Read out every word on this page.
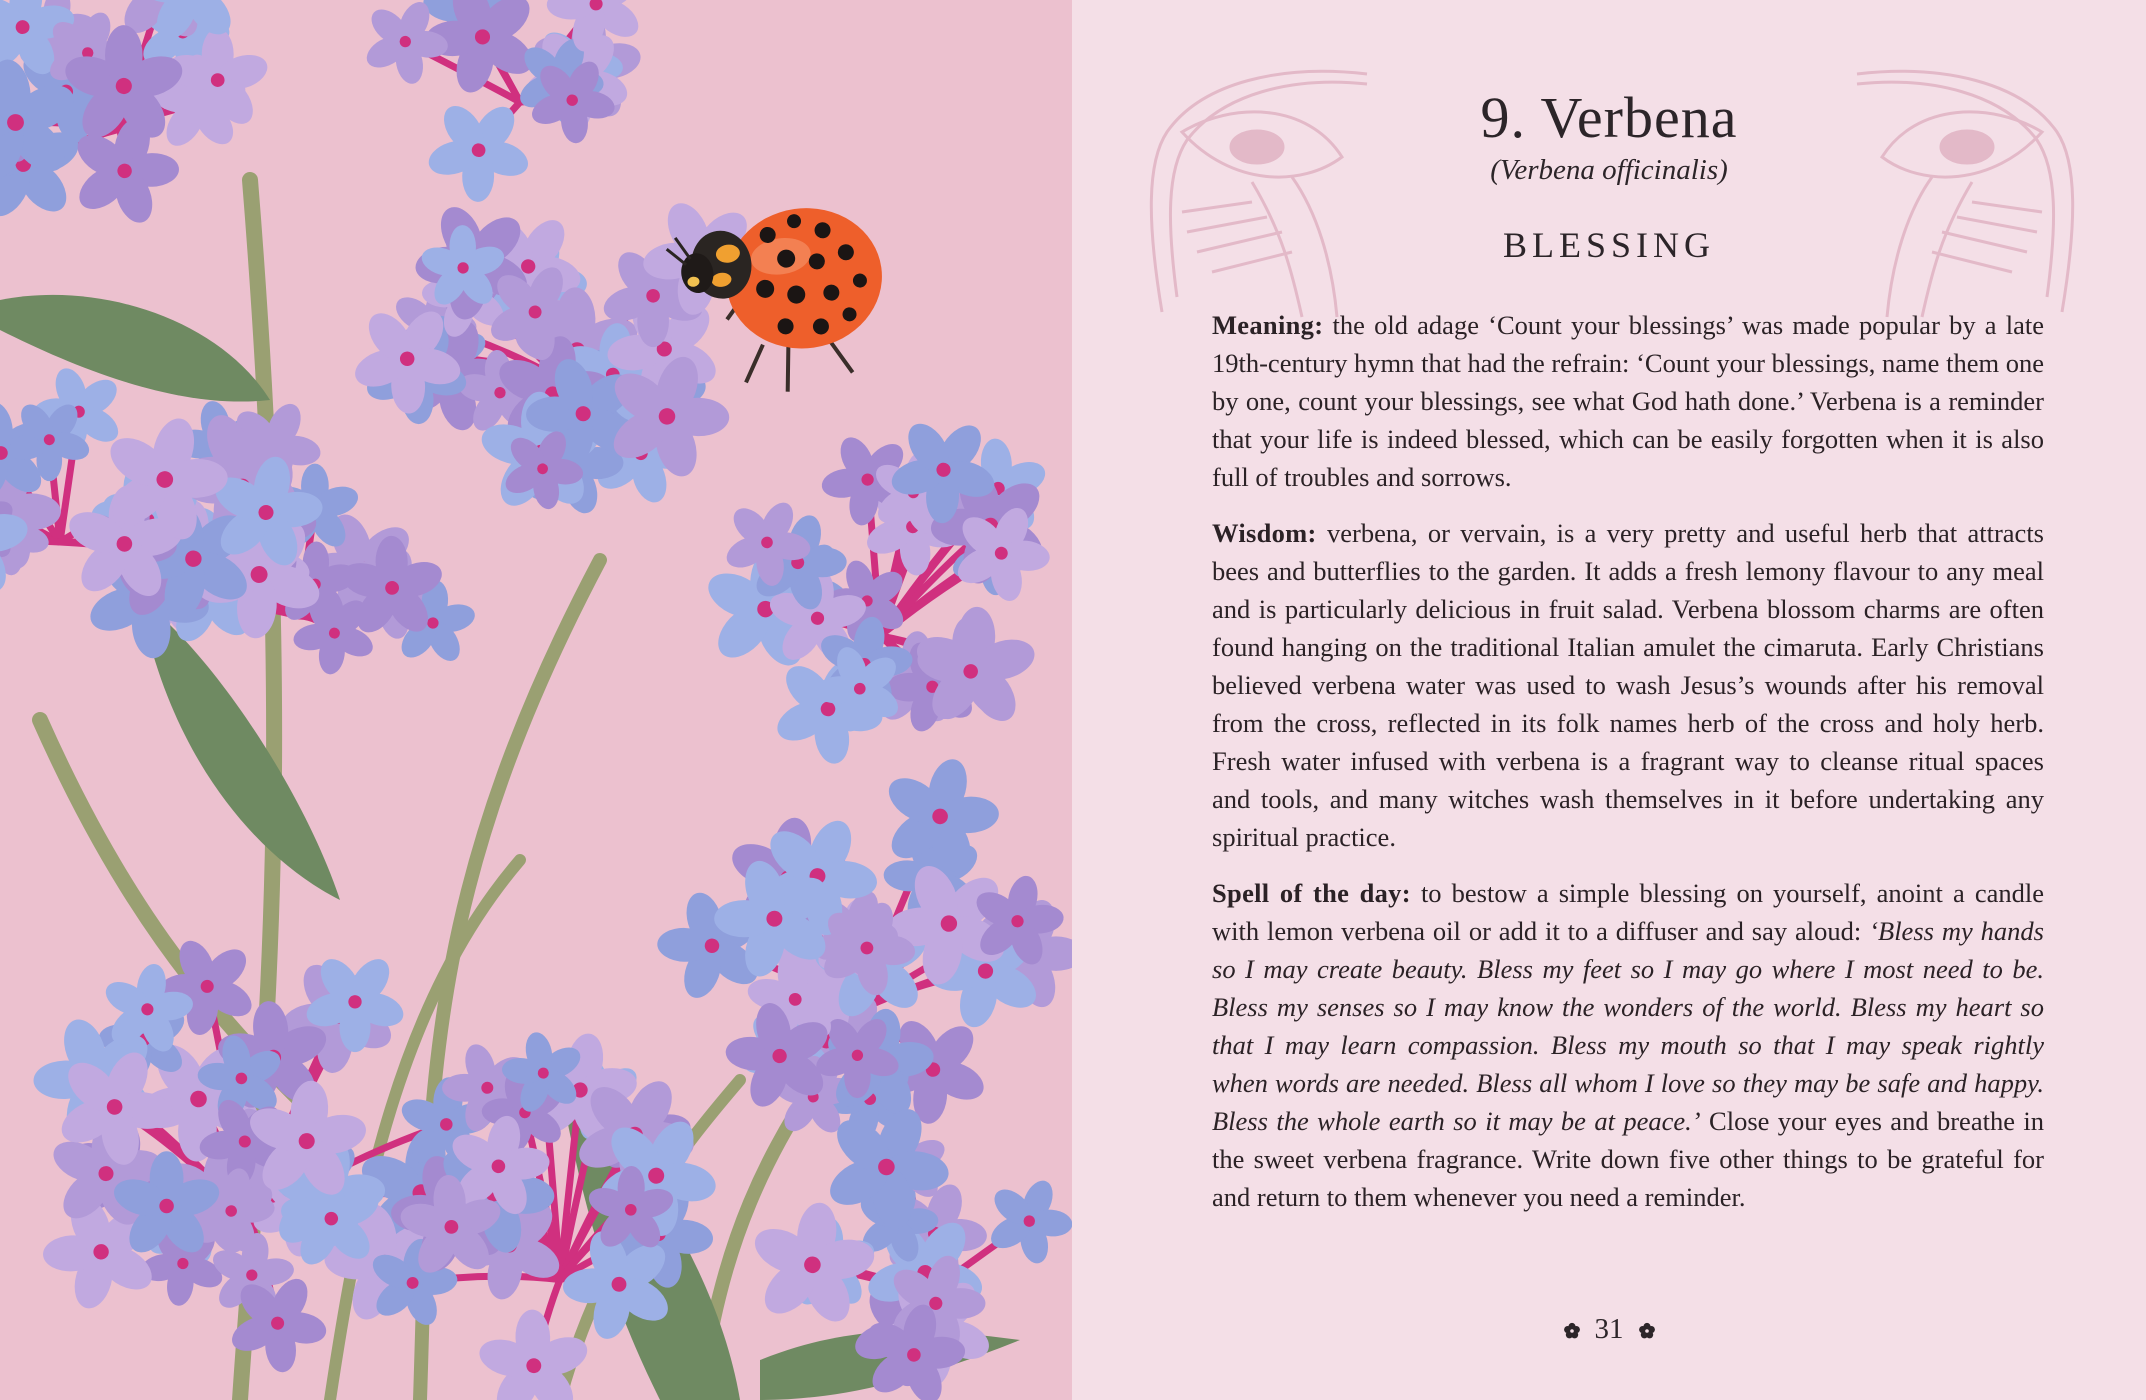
9. Verbena
(Verbena officinalis)
BLESSING

Meaning: the old adage ‘Count your blessings’ was made popular by a late 19th-century hymn that had the refrain: ‘Count your blessings, name them one by one, count your blessings, see what God hath done.’ Verbena is a reminder that your life is indeed blessed, which can be easily forgotten when it is also full of troubles and sorrows.

Wisdom: verbena, or vervain, is a very pretty and useful herb that attracts bees and butterflies to the garden. It adds a fresh lemony flavour to any meal and is particularly delicious in fruit salad. Verbena blossom charms are often found hanging on the traditional Italian amulet the cimaruta. Early Christians believed verbena water was used to wash Jesus’s wounds after his removal from the cross, reflected in its folk names herb of the cross and holy herb. Fresh water infused with verbena is a fragrant way to cleanse ritual spaces and tools, and many witches wash themselves in it before undertaking any spiritual practice.

Spell of the day: to bestow a simple blessing on yourself, anoint a candle with lemon verbena oil or add it to a diffuser and say aloud: ‘Bless my hands so I may create beauty. Bless my feet so I may go where I most need to be. Bless my senses so I may know the wonders of the world. Bless my heart so that I may learn compassion. Bless my mouth so that I may speak rightly when words are needed. Bless all whom I love so they may be safe and happy. Bless the whole earth so it may be at peace.’ Close your eyes and breathe in the sweet verbena fragrance. Write down five other things to be grateful for and return to them whenever you need a reminder.

31
